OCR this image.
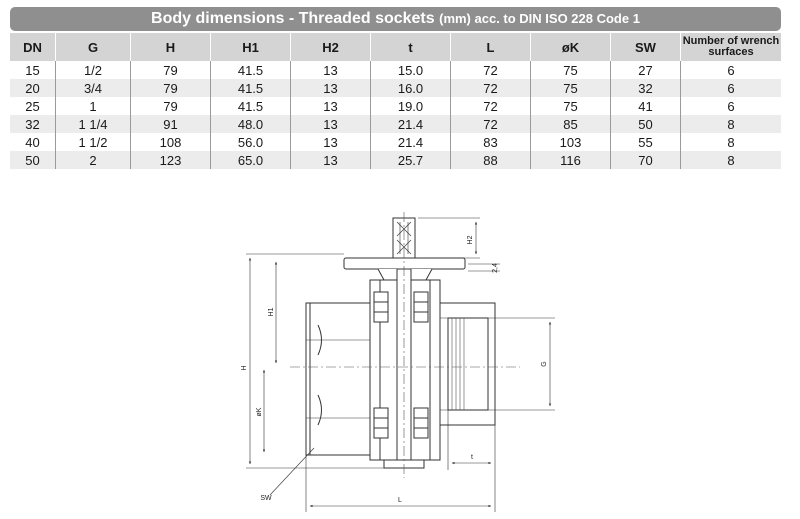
Body dimensions - Threaded sockets (mm) acc. to DIN ISO 228 Code 1
DN	G	H	H1	H2	t	L	øK	SW	Number of wrench surfaces
15	1/2	79	41.5	13	15.0	72	75	27	6
20	3/4	79	41.5	13	16.0	72	75	32	6
25	1	79	41.5	13	19.0	72	75	41	6
32	1 1/4	91	48.0	13	21.4	72	85	50	8
40	1 1/2	108	56.0	13	21.4	83	103	55	8
50	2	123	65.0	13	25.7	88	116	70	8
H2
2,4
H1
H
øK
G
t
SW	L
